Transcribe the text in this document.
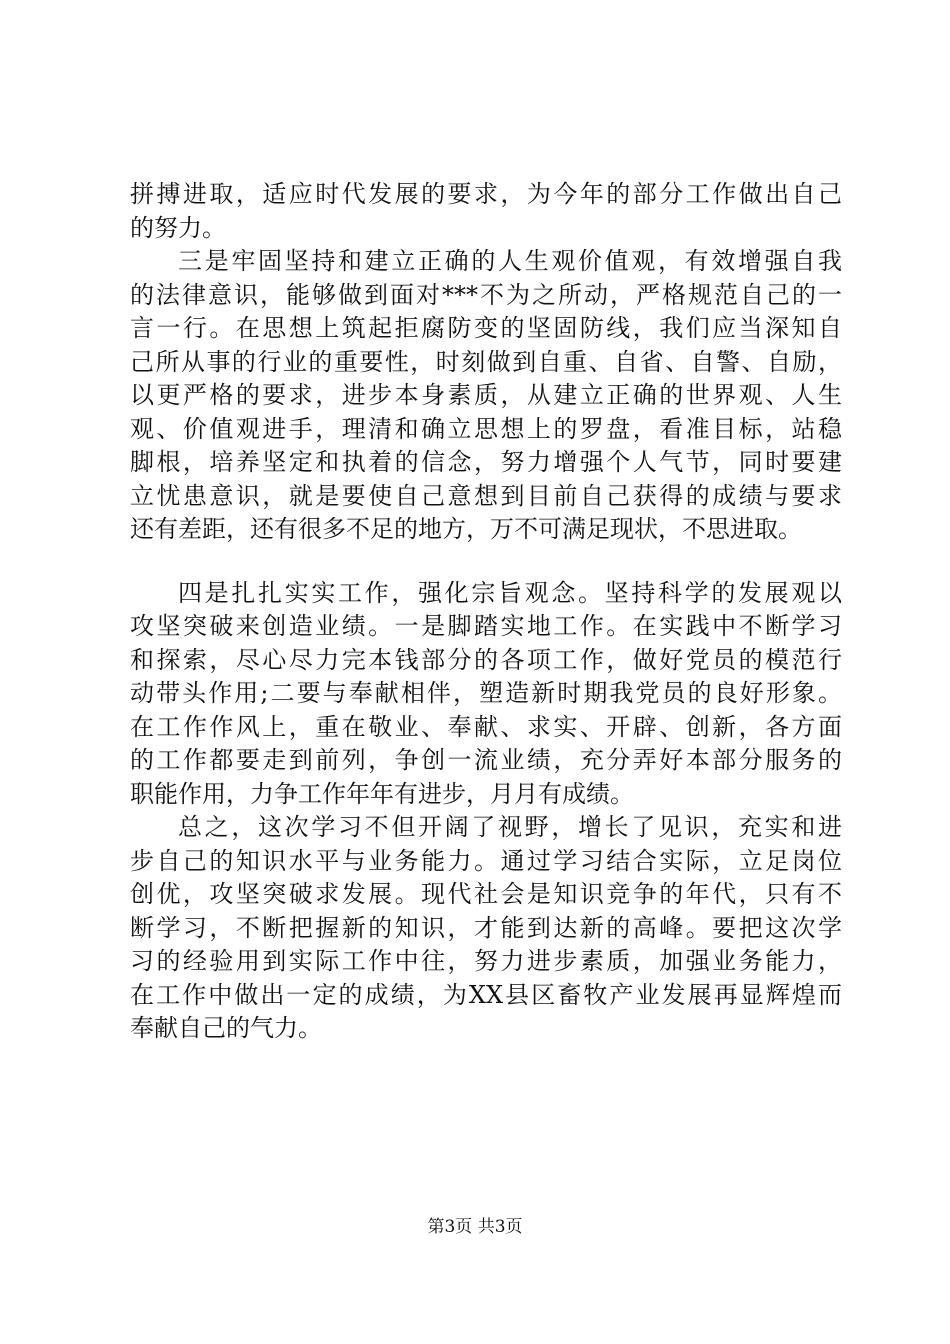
拼搏进取，适应时代发展的要求，为今年的部分工作做出自己
的努力。
三是牢固坚持和建立正确的人生观价值观，有效增强自我
的法律意识，能够做到面对***不为之所动，严格规范自己的一
言一行。在思想上筑起拒腐防变的坚固防线，我们应当深知自
己所从事的行业的重要性，时刻做到自重、自省、自警、自励，
以更严格的要求，进步本身素质，从建立正确的世界观、人生
观、价值观进手，理清和确立思想上的罗盘，看准目标，站稳
脚根，培养坚定和执着的信念，努力增强个人气节，同时要建
立忧患意识，就是要使自己意想到目前自己获得的成绩与要求
还有差距，还有很多不足的地方，万不可满足现状，不思进取。
四是扎扎实实工作，强化宗旨观念。坚持科学的发展观以
攻坚突破来创造业绩。一是脚踏实地工作。在实践中不断学习
和探索，尽心尽力完本钱部分的各项工作，做好党员的模范行
动带头作用;二要与奉献相伴，塑造新时期我党员的良好形象。
在工作作风上，重在敬业、奉献、求实、开辟、创新，各方面
的工作都要走到前列，争创一流业绩，充分弄好本部分服务的
职能作用，力争工作年年有进步，月月有成绩。
总之，这次学习不但开阔了视野，增长了见识，充实和进
步自己的知识水平与业务能力。通过学习结合实际，立足岗位
创优，攻坚突破求发展。现代社会是知识竞争的年代，只有不
断学习，不断把握新的知识，才能到达新的高峰。要把这次学
习的经验用到实际工作中往，努力进步素质，加强业务能力，
在工作中做出一定的成绩，为XX县区畜牧产业发展再显辉煌而
奉献自己的气力。
第3页 共3页
